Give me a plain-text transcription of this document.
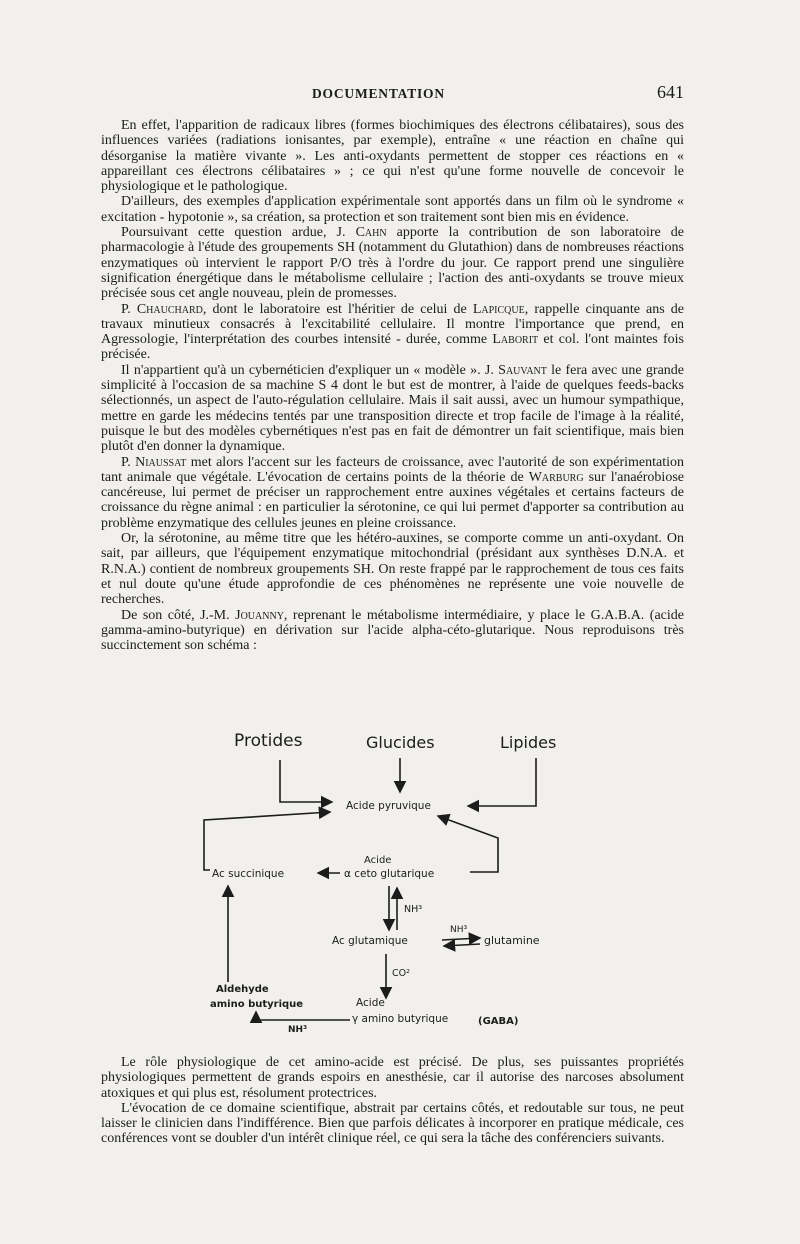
DOCUMENTATION	641

En effet, l'apparition de radicaux libres (formes biochimiques des électrons célibataires), sous des influences variées (radiations ionisantes, par exemple), entraîne « une réaction en chaîne qui désorganise la matière vivante ». Les anti-oxydants permettent de stopper ces réactions en « appareillant ces électrons célibataires » ; ce qui n'est qu'une forme nouvelle de concevoir le physiologique et le pathologique.

D'ailleurs, des exemples d'application expérimentale sont apportés dans un film où le syndrome « excitation - hypotonie », sa création, sa protection et son traitement sont bien mis en évidence.

Poursuivant cette question ardue, J. Cahn apporte la contribution de son laboratoire de pharmacologie à l'étude des groupements SH (notamment du Glutathion) dans de nombreuses réactions enzymatiques où intervient le rapport P/O très à l'ordre du jour. Ce rapport prend une singulière signification énergétique dans le métabolisme cellulaire ; l'action des anti-oxydants se trouve mieux précisée sous cet angle nouveau, plein de promesses.

P. Chauchard, dont le laboratoire est l'héritier de celui de Lapicque, rappelle cinquante ans de travaux minutieux consacrés à l'excitabilité cellulaire. Il montre l'importance que prend, en Agressologie, l'interprétation des courbes intensité - durée, comme Laborit et col. l'ont maintes fois précisée.

Il n'appartient qu'à un cybernéticien d'expliquer un « modèle ». J. Sauvant le fera avec une grande simplicité à l'occasion de sa machine S 4 dont le but est de montrer, à l'aide de quelques feeds-backs sélectionnés, un aspect de l'auto-régulation cellulaire. Mais il sait aussi, avec un humour sympathique, mettre en garde les médecins tentés par une transposition directe et trop facile de l'image à la réalité, puisque le but des modèles cybernétiques n'est pas en fait de démontrer un fait scientifique, mais bien plutôt d'en donner la dynamique.

P. Niaussat met alors l'accent sur les facteurs de croissance, avec l'autorité de son expérimentation tant animale que végétale. L'évocation de certains points de la théorie de Warburg sur l'anaérobiose cancéreuse, lui permet de préciser un rapprochement entre auxines végétales et certains facteurs de croissance du règne animal : en particulier la sérotonine, ce qui lui permet d'apporter sa contribution au problème enzymatique des cellules jeunes en pleine croissance.

Or, la sérotonine, au même titre que les hétéro-auxines, se comporte comme un anti-oxydant. On sait, par ailleurs, que l'équipement enzymatique mitochondrial (présidant aux synthèses D.N.A. et R.N.A.) contient de nombreux groupements SH. On reste frappé par le rapprochement de tous ces faits et nul doute qu'une étude approfondie de ces phénomènes ne représente une voie nouvelle de recherches.

De son côté, J.-M. Jouanny, reprenant le métabolisme intermédiaire, y place le G.A.B.A. (acide gamma-amino-butyrique) en dérivation sur l'acide alpha-céto-glutarique. Nous reproduisons très succinctement son schéma :

Protides	Glucides	Lipides
Acide pyruvique
Acide
Ac succinique	α ceto glutarique
NH³
Ac glutamique
NH³
glutamine
CO²
Aldehyde
amino butyrique	Acide
γ amino butyrique	(GABA)
NH³

Le rôle physiologique de cet amino-acide est précisé. De plus, ses puissantes propriétés physiologiques permettent de grands espoirs en anesthésie, car il autorise des narcoses absolument atoxiques et qui plus est, résolument protectrices.

L'évocation de ce domaine scientifique, abstrait par certains côtés, et redoutable sur tous, ne peut laisser le clinicien dans l'indifférence. Bien que parfois délicates à incorporer en pratique médicale, ces conférences vont se doubler d'un intérêt clinique réel, ce qui sera la tâche des conférenciers suivants.
